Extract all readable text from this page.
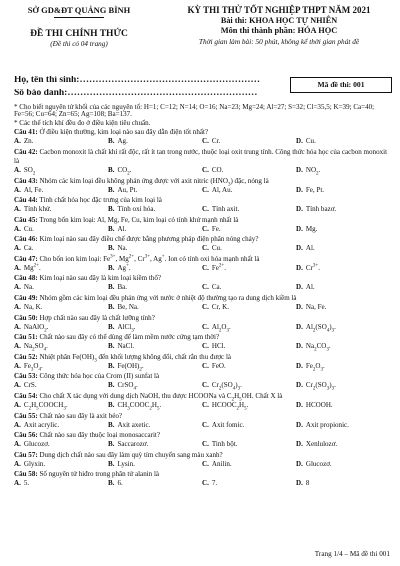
SỞ GD&ĐT QUẢNG BÌNH
ĐỀ THI CHÍNH THỨC
(Đề thi có 04 trang)
KỲ THI THỬ TỐT NGHIỆP THPT NĂM 2021
Bài thi: KHOA HỌC TỰ NHIÊN
Môn thi thành phần: HÓA HỌC
Thời gian làm bài: 50 phút, không kể thời gian phát đề
Họ, tên thí sinh:…………………………………………………
Số báo danh:……………………………………………………
Mã đề thi: 001
* Cho biết nguyên tử khối của các nguyên tố: H=1; C=12; N=14; O=16; Na=23; Mg=24; Al=27; S=32; Cl=35,5; K=39; Ca=40; Fe=56; Cu=64; Zn=65; Ag=108; Ba=137.
* Các thể tích khí đều đo ở điều kiện tiêu chuẩn.
Câu 41: Ở điều kiện thường, kim loại nào sau đây dẫn điện tốt nhất?
A. Zn.	B. Ag.	C. Cr.	D. Cu.
Câu 42: Cacbon monoxit là chất khí rất độc, rất ít tan trong nước, thuộc loại oxit trung tính. Công thức hóa học của cacbon monoxit là
A. $SO_2$	B. $CO_2$.	C. CO.	D. $NO_2$.
Câu 43: Nhóm các kim loại đều không phản ứng được với axit nitric $(HNO_3)$ đặc, nóng là
A. Al, Fe.	B. Au, Pt.	C. Al, Au.	D. Fe, Pt.
Câu 44: Tính chất hóa học đặc trưng của kim loại là
A. Tính khử.	B. Tính oxi hóa.	C. Tính axit.	D. Tính bazơ.
Câu 45: Trong bốn kim loại: Al, Mg, Fe, Cu, kim loại có tính khử mạnh nhất là
A. Cu.	B. Al.	C. Fe.	D. Mg.
Câu 46: Kim loại nào sau đây điều chế được bằng phương pháp điện phân nóng chảy?
A. Ca.	B. Na.	C. Cu.	D. Al.
Câu 47: Cho bốn ion kim loại: $Fe^{3+}$, $Mg^{2+}$, $Cr^{3+}$, Ag+. Ion có tính oxi hóa mạnh nhất là
A. $Mg^{2+}$.	B. Ag+.	C. $Fe^{2+}$.	D. $Cr^{3+}$.
Câu 48: Kim loại nào sau đây là kim loại kiềm thổ?
A. Na.	B. Ba.	C. Ca.	D. Al.
Câu 49: Nhóm gồm các kim loại đều phản ứng với nước ở nhiệt độ thường tạo ra dung dịch kiềm là
A. Na, K.	B. Be, Na.	C. Cr, K.	D. Na, Fe.
Câu 50: Hợp chất nào sau đây là chất lưỡng tính?
A. NaAlO$_2$.	B. AlCl$_3$.	C. $Al_2O_3$.	D. $Al_2(SO_4)_3$.
Câu 51: Chất nào sau đây có thể dùng để làm mềm nước cứng tạm thời?
A. $Na_2SO_4$.	B. NaCl.	C. HCl.	D. $Na_2CO_3$.
Câu 52: Nhiệt phân $Fe(OH)_3$ đến khối lượng không đổi, chất rắn thu được là
A. $Fe_3O_4$.	B. $Fe(OH)_2$.	C. FeO.	D. $Fe_2O_3$.
Câu 53: Công thức hóa học của Crom (II) sunfat là
A. CrS.	B. CrSO$_4$.	C. $Cr_2(SO_4)_3$.	D. $Cr_2(SO_3)_3$.
Câu 54: Cho chất X tác dụng với dung dịch NaOH, thu được HCOONa và $C_2H_5OH$. Chất X là
A. $C_2H_5COOCH_3$.	B. $CH_3COOC_2H_5$.	C. $HCOOC_2H_5$.	D. HCOOH.
Câu 55: Chất nào sau đây là axit béo?
A. Axit acrylic.	B. Axit axetic.	C. Axit fomic.	D. Axit propionic.
Câu 56: Chất nào sau đây thuộc loại monosaccarit?
A. Glucozơ.	B. Saccarozơ.	C. Tinh bột.	D. Xenlulozơ.
Câu 57: Dung dịch chất nào sau đây làm quỳ tím chuyển sang màu xanh?
A. Glyxin.	B. Lysin.	C. Anilin.	D. Glucozơ.
Câu 58: Số nguyên tử hiđro trong phân tử alanin là
A. 5.	B. 6.	C. 7.	D. 8
Trang 1/4 – Mã đề thi 001
